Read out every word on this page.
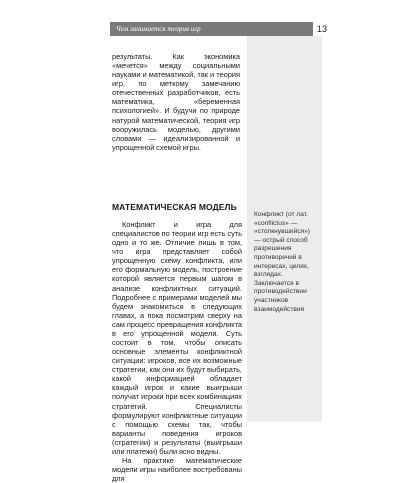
Чем занимается теория игр	13

результаты. Как экономика «мечется» между социальными науками и математикой, так и теория игр, по меткому замечанию отечественных разработчиков, есть математика, «беременная психологией». И будучи по природе натурой математической, теория игр вооружилась моделью, другими словами — идеализированной и упрощенной схемой игры.

МАТЕМАТИЧЕСКАЯ МОДЕЛЬ

Конфликт и игра для специалистов по теории игр есть суть одно и то же. Отличие лишь в том, что игра представляет собой упрощенную схему конфликта, или его формальную модель, построение которой является первым шагом в анализе конфликтных ситуаций. Подробнее с примерами моделей мы будем знакомиться в следующих главах, а пока посмотрим сверху на сам процесс превращения конфликта в его упрощенной модели. Суть состоит в том, чтобы описать основные элементы конфликтной ситуации: игроков, все их возможные стратегии, как они их будут выбирать, какой информацией обладает каждый игрок и какие выигрыши получат игроки при всех комбинациях стратегий. Специалисты формулируют конфликтные ситуации с помощью схемы так, чтобы варианты поведения игроков (стратегии) и результаты (выигрыши или платежи) были ясно видны.

На практике математические модели игры наиболее востребованы для

Конфликт (от лат. «conflictus» — «столкнувшийся») — острый способ разрешения противоречий в интересах, целях, взглядах. Заключается в противодействии участников взаимодействия
